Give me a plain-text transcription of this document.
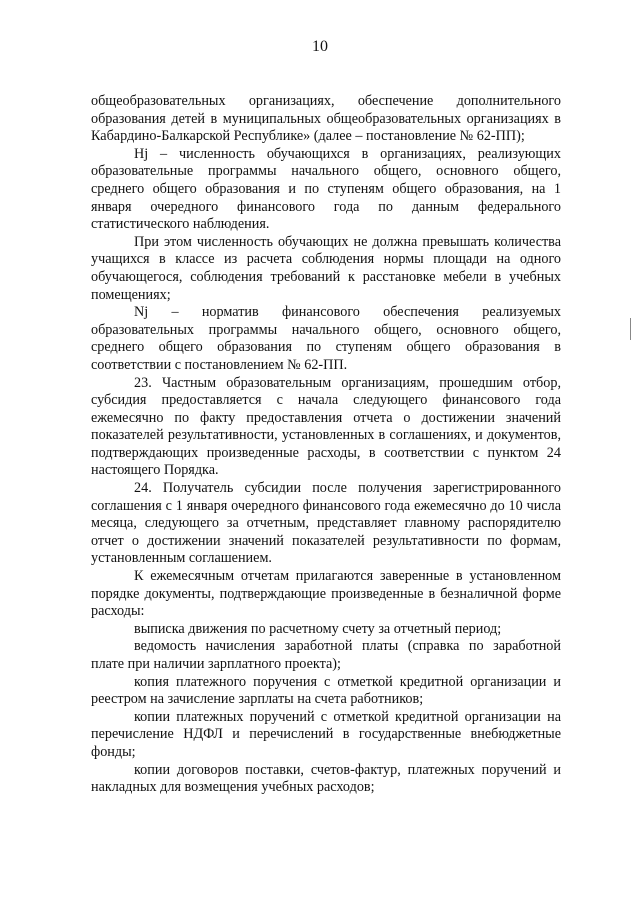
10

общеобразовательных организациях, обеспечение дополнительного образования детей в муниципальных общеобразовательных организациях в Кабардино-Балкарской Республике» (далее – постановление № 62-ПП);

Hj – численность обучающихся в организациях, реализующих образовательные программы начального общего, основного общего, среднего общего образования и по ступеням общего образования, на 1 января очередного финансового года по данным федерального статистического наблюдения.

При этом численность обучающих не должна превышать количества учащихся в классе из расчета соблюдения нормы площади на одного обучающегося, соблюдения требований к расстановке мебели в учебных помещениях;

Nj – норматив финансового обеспечения реализуемых образовательных программы начального общего, основного общего, среднего общего образования по ступеням общего образования в соответствии с постановлением № 62-ПП.

23. Частным образовательным организациям, прошедшим отбор, субсидия предоставляется с начала следующего финансового года ежемесячно по факту предоставления отчета о достижении значений показателей результативности, установленных в соглашениях, и документов, подтверждающих произведенные расходы, в соответствии с пунктом 24 настоящего Порядка.

24. Получатель субсидии после получения зарегистрированного соглашения с 1 января очередного финансового года ежемесячно до 10 числа месяца, следующего за отчетным, представляет главному распорядителю отчет о достижении значений показателей результативности по формам, установленным соглашением.

К ежемесячным отчетам прилагаются заверенные в установленном порядке документы, подтверждающие произведенные в безналичной форме расходы:

выписка движения по расчетному счету за отчетный период;

ведомость начисления заработной платы (справка по заработной плате при наличии зарплатного проекта);

копия платежного поручения с отметкой кредитной организации и реестром на зачисление зарплаты на счета работников;

копии платежных поручений с отметкой кредитной организации на перечисление НДФЛ и перечислений в государственные внебюджетные фонды;

копии договоров поставки, счетов-фактур, платежных поручений и накладных для возмещения учебных расходов;
